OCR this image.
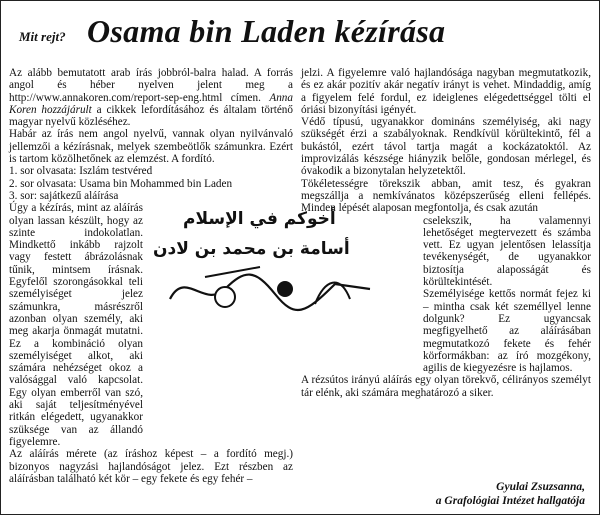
Mit rejt? Osama bin Laden kézírása

Az alább bemutatott arab írás jobbról-balra halad. A forrás angol és héber nyelven jelent meg a http://www.annakoren.com/report-sep-eng.html címen. Anna Koren hozzájárult a cikkek lefordításához és általam történő magyar nyelvű közléséhez.

Habár az írás nem angol nyelvű, vannak olyan nyilvánvaló jellemzői a kézírásnak, melyek szembeötlők számunkra. Ezért is tartom közölhetőnek az elemzést. A fordító.

1. sor olvasata: Iszlám testvéred
2. sor olvasata: Usama bin Mohammed bin Laden
3. sor: sajátkezű aláírása

Úgy a kézírás, mint az aláírás olyan lassan készült, hogy az szinte indokolatlan. Mindkettő inkább rajzolt vagy festett ábrázolásnak tűnik, mintsem írásnak. Egyfelől szorongásokkal teli személyiséget jelez számunkra, másrészről azonban olyan személy, aki meg akarja önmagát mutatni. Ez a kombináció olyan személyiséget alkot, aki számára nehézséget okoz a valósággal való kapcsolat. Egy olyan emberről van szó, aki saját teljesítményével ritkán elégedett, ugyanakkor szüksége van az állandó figyelemre.

Az aláírás mérete (az íráshoz képest – a fordító megj.) bizonyos nagyzási hajlandóságot jelez. Ezt részben az aláírásban található két kör – egy fekete és egy fehér –

أخوكم في الإسلام
أسامة بن محمد بن لادن

jelzi. A figyelemre való hajlandósága nagyban megmutatkozik, és ez akár pozitív akár negatív irányt is vehet. Mindaddig, amíg a figyelem felé fordul, ez ideiglenes elégedettséggel tölti el óriási bizonyítási igényét.

Védő típusú, ugyanakkor domináns személyiség, aki nagy szükségét érzi a szabályoknak. Rendkívül körültekintő, fél a bukástól, ezért távol tartja magát a kockázatoktól. Az improvizálás készsége hiányzik belőle, gondosan mérlegel, és óvakodik a bizonytalan helyzetektől.

Tökéletességre törekszik abban, amit tesz, és gyakran megszállja a nemkívánatos középszerűség elleni fellépés. Minden lépését alaposan megfontolja, és csak azután

cselekszik, ha valamennyi lehetőséget megtervezett és számba vett. Ez ugyan jelentősen lelassítja tevékenységét, de ugyanakkor biztosítja alaposságát és körültekintését.

Személyisége kettős normát fejez ki – mintha csak két személlyel lenne dolgunk? Ez ugyancsak megfigyelhető az aláírásában megmutatkozó fekete és fehér körformákban: az író mozgékony, agilis de kiegyezésre is hajlamos.

A rézsútos irányú aláírás egy olyan törekvő, célirányos személyt tár elénk, aki számára meghatározó a siker.

Gyulai Zsuzsanna,
a Grafológiai Intézet hallgatója
